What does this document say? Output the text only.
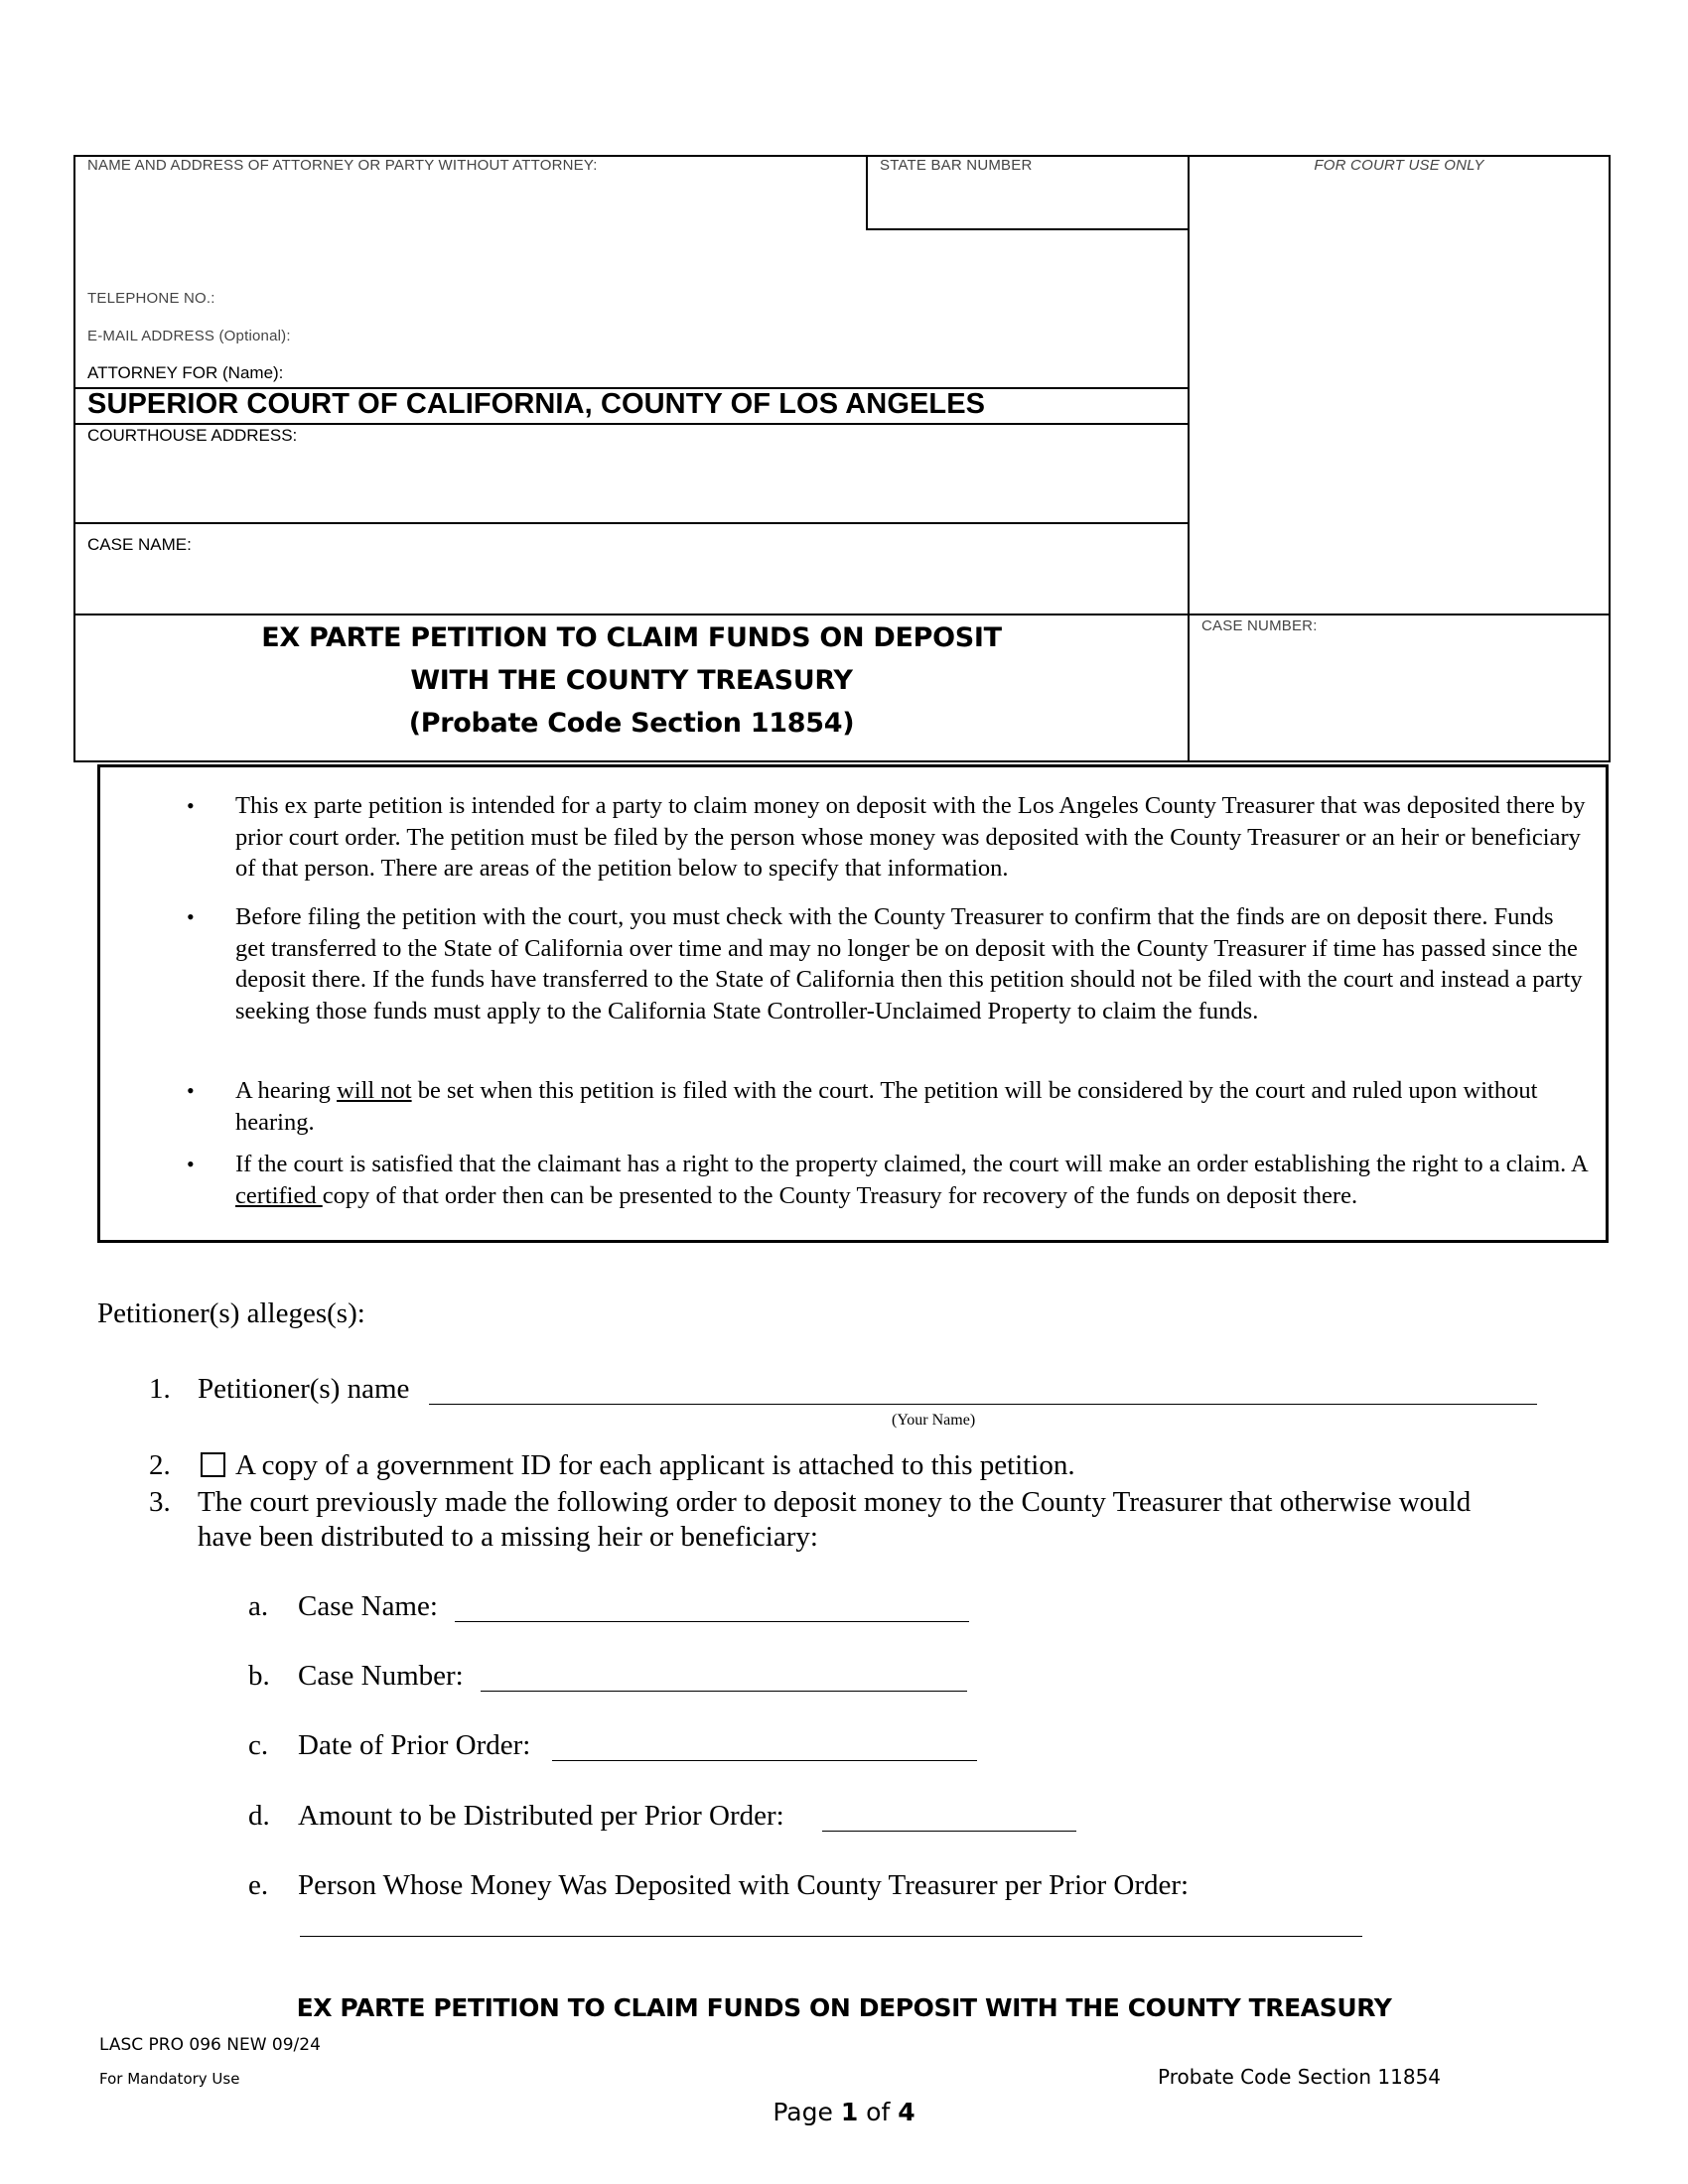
NAME AND ADDRESS OF ATTORNEY OR PARTY WITHOUT ATTORNEY:	STATE BAR NUMBER	FOR COURT USE ONLY
TELEPHONE NO.:
E-MAIL ADDRESS (Optional):
ATTORNEY FOR (Name):
SUPERIOR COURT OF CALIFORNIA, COUNTY OF LOS ANGELES
COURTHOUSE ADDRESS:
CASE NAME:
CASE NUMBER:
EX PARTE PETITION TO CLAIM FUNDS ON DEPOSIT
WITH THE COUNTY TREASURY
(Probate Code Section 11854)
• This ex parte petition is intended for a party to claim money on deposit with the Los Angeles County Treasurer that was deposited there by prior court order. The petition must be filed by the person whose money was deposited with the County Treasurer or an heir or beneficiary of that person. There are areas of the petition below to specify that information.
• Before filing the petition with the court, you must check with the County Treasurer to confirm that the finds are on deposit there. Funds get transferred to the State of California over time and may no longer be on deposit with the County Treasurer if time has passed since the deposit there. If the funds have transferred to the State of California then this petition should not be filed with the court and instead a party seeking those funds must apply to the California State Controller-Unclaimed Property to claim the funds.
• A hearing will not be set when this petition is filed with the court. The petition will be considered by the court and ruled upon without hearing.
• If the court is satisfied that the claimant has a right to the property claimed, the court will make an order establishing the right to a claim. A certified copy of that order then can be presented to the County Treasury for recovery of the funds on deposit there.
Petitioner(s) alleges(s):
1. Petitioner(s) name
(Your Name)
2.	A copy of a government ID for each applicant is attached to this petition.
3. The court previously made the following order to deposit money to the County Treasurer that otherwise would
have been distributed to a missing heir or beneficiary:
a. Case Name:
b. Case Number:
c. Date of Prior Order:
d. Amount to be Distributed per Prior Order:
e. Person Whose Money Was Deposited with County Treasurer per Prior Order:
EX PARTE PETITION TO CLAIM FUNDS ON DEPOSIT WITH THE COUNTY TREASURY
LASC PRO 096 NEW 09/24
For Mandatory Use	Probate Code Section 11854
Page 1 of 4
